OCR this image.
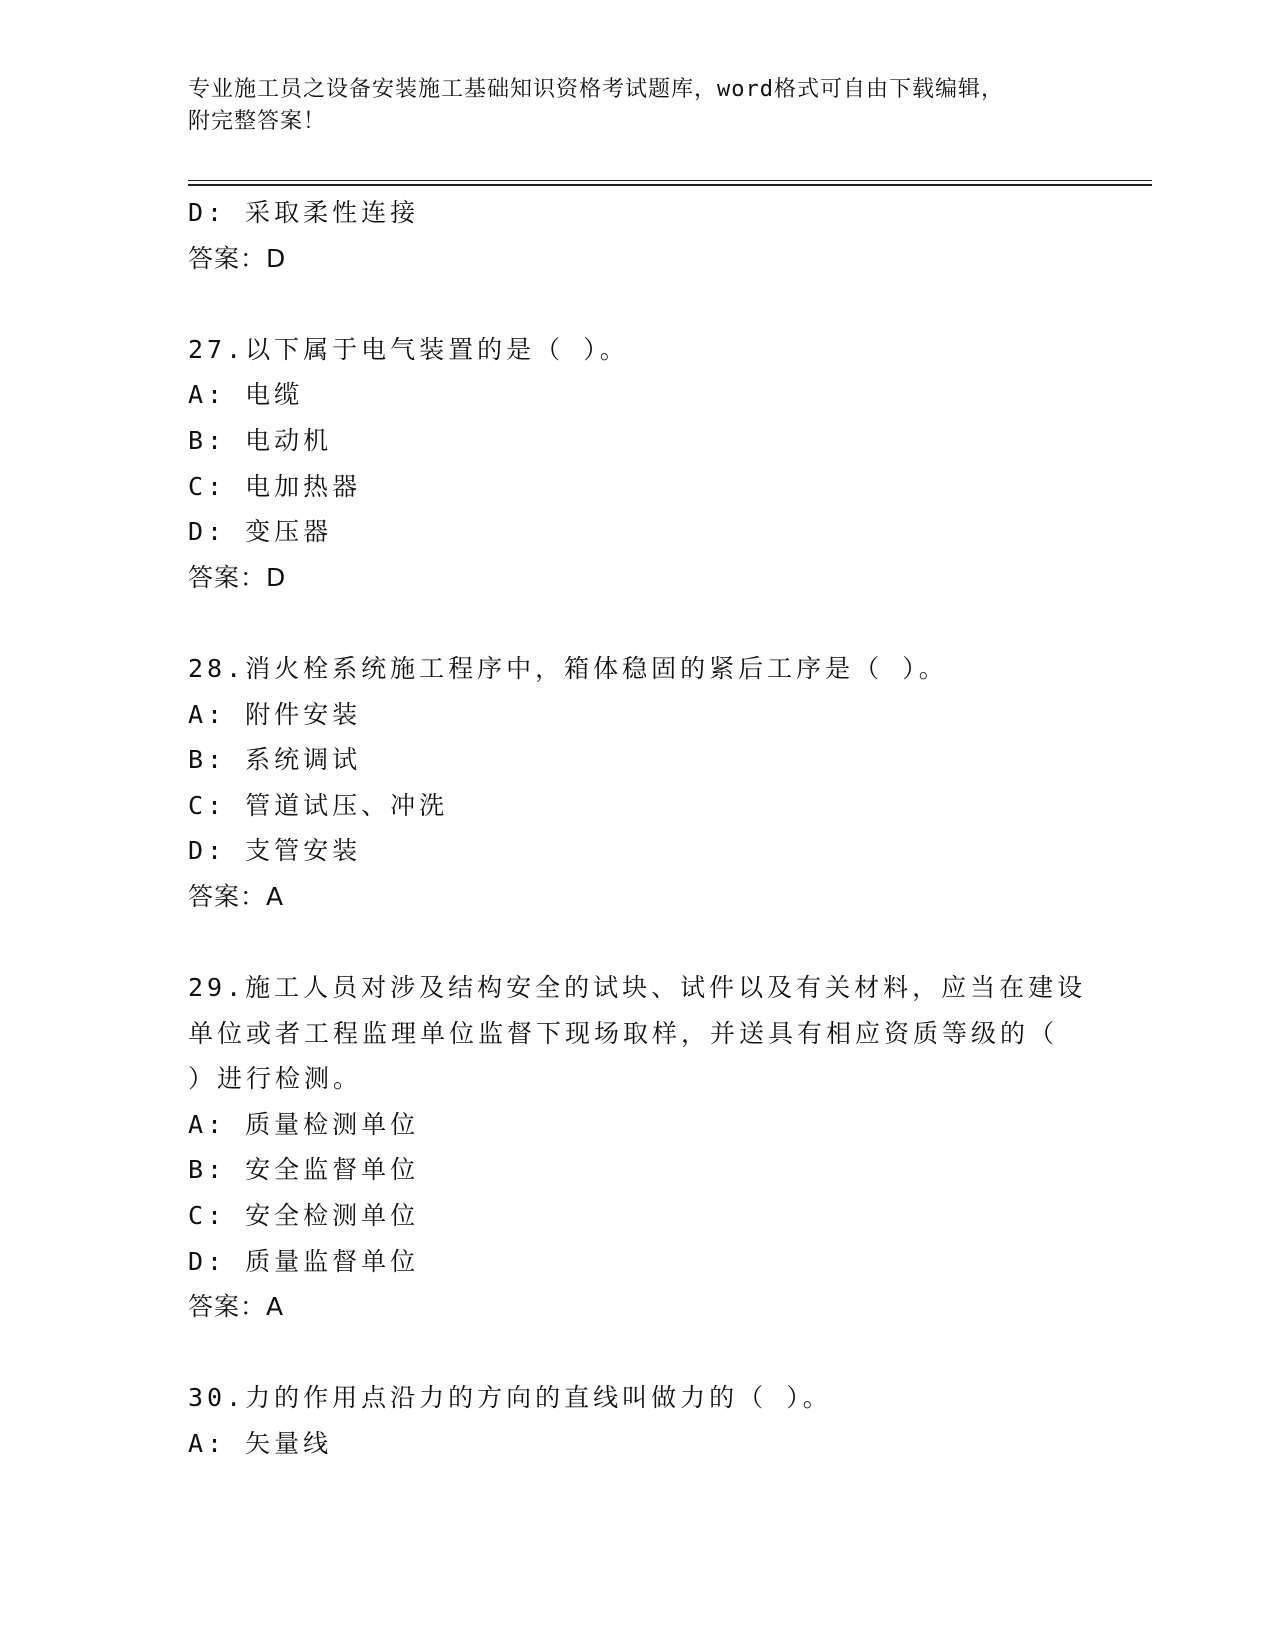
专业施工员之设备安装施工基础知识资格考试题库，word格式可自由下载编辑，
附完整答案！
D: 采取柔性连接
答案：D
27.以下属于电气装置的是（ ）。
A: 电缆
B: 电动机
C: 电加热器
D: 变压器
答案：D
28.消火栓系统施工程序中，箱体稳固的紧后工序是（ ）。
A: 附件安装
B: 系统调试
C: 管道试压、冲洗
D: 支管安装
答案：A
29.施工人员对涉及结构安全的试块、试件以及有关材料，应当在建设
单位或者工程监理单位监督下现场取样，并送具有相应资质等级的（
）进行检测。
A: 质量检测单位
B: 安全监督单位
C: 安全检测单位
D: 质量监督单位
答案：A
30.力的作用点沿力的方向的直线叫做力的（ ）。
A: 矢量线
